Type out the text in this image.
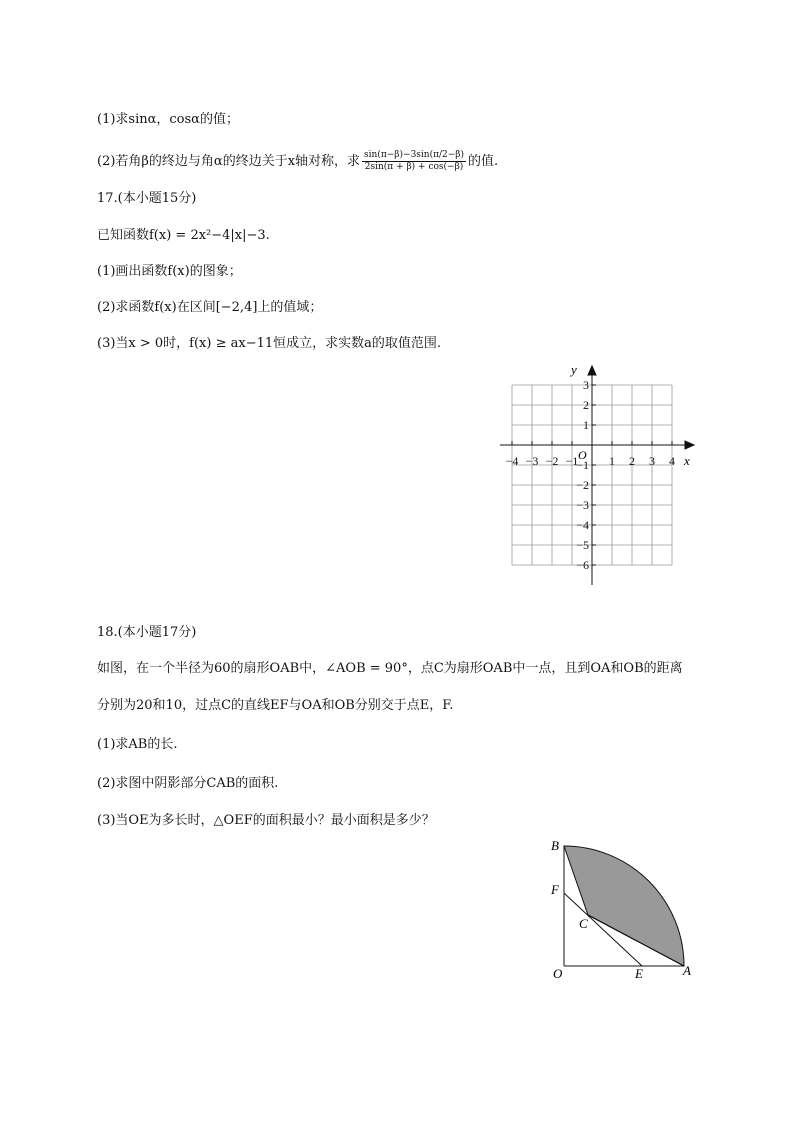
(1)求sinα，cosα的值；
(2)若角β的终边与角α的终边关于x轴对称，求 $\frac{\sin(\pi-\beta)-3\sin(\pi/2-\beta)}{2\sin(\pi + \beta) + \cos(-\beta)}$ 的值.
17.(本小题15分)
已知函数f(x) = 2x²−4|x|−3.
(1)画出函数f(x)的图象；
(2)求函数f(x)在区间[−2,4]上的值域；
(3)当x > 0时，f(x) ≥ ax−11恒成立，求实数a的取值范围.
−4 −3 −2 −1	1 2 3 4
3
2
1
−1
−2
−3
−4
−5
−6
x
y
O
18.(本小题17分)
如图，在一个半径为60的扇形OAB中，∠AOB = 90°，点C为扇形OAB中一点，且到OA和OB的距离
分别为20和10，过点C的直线EF与OA和OB分别交于点E，F.
(1)求AB的长.
(2)求图中阴影部分CAB的面积.
(3)当OE为多长时，△OEF的面积最小？最小面积是多少？
B
F
C
O	E	A
